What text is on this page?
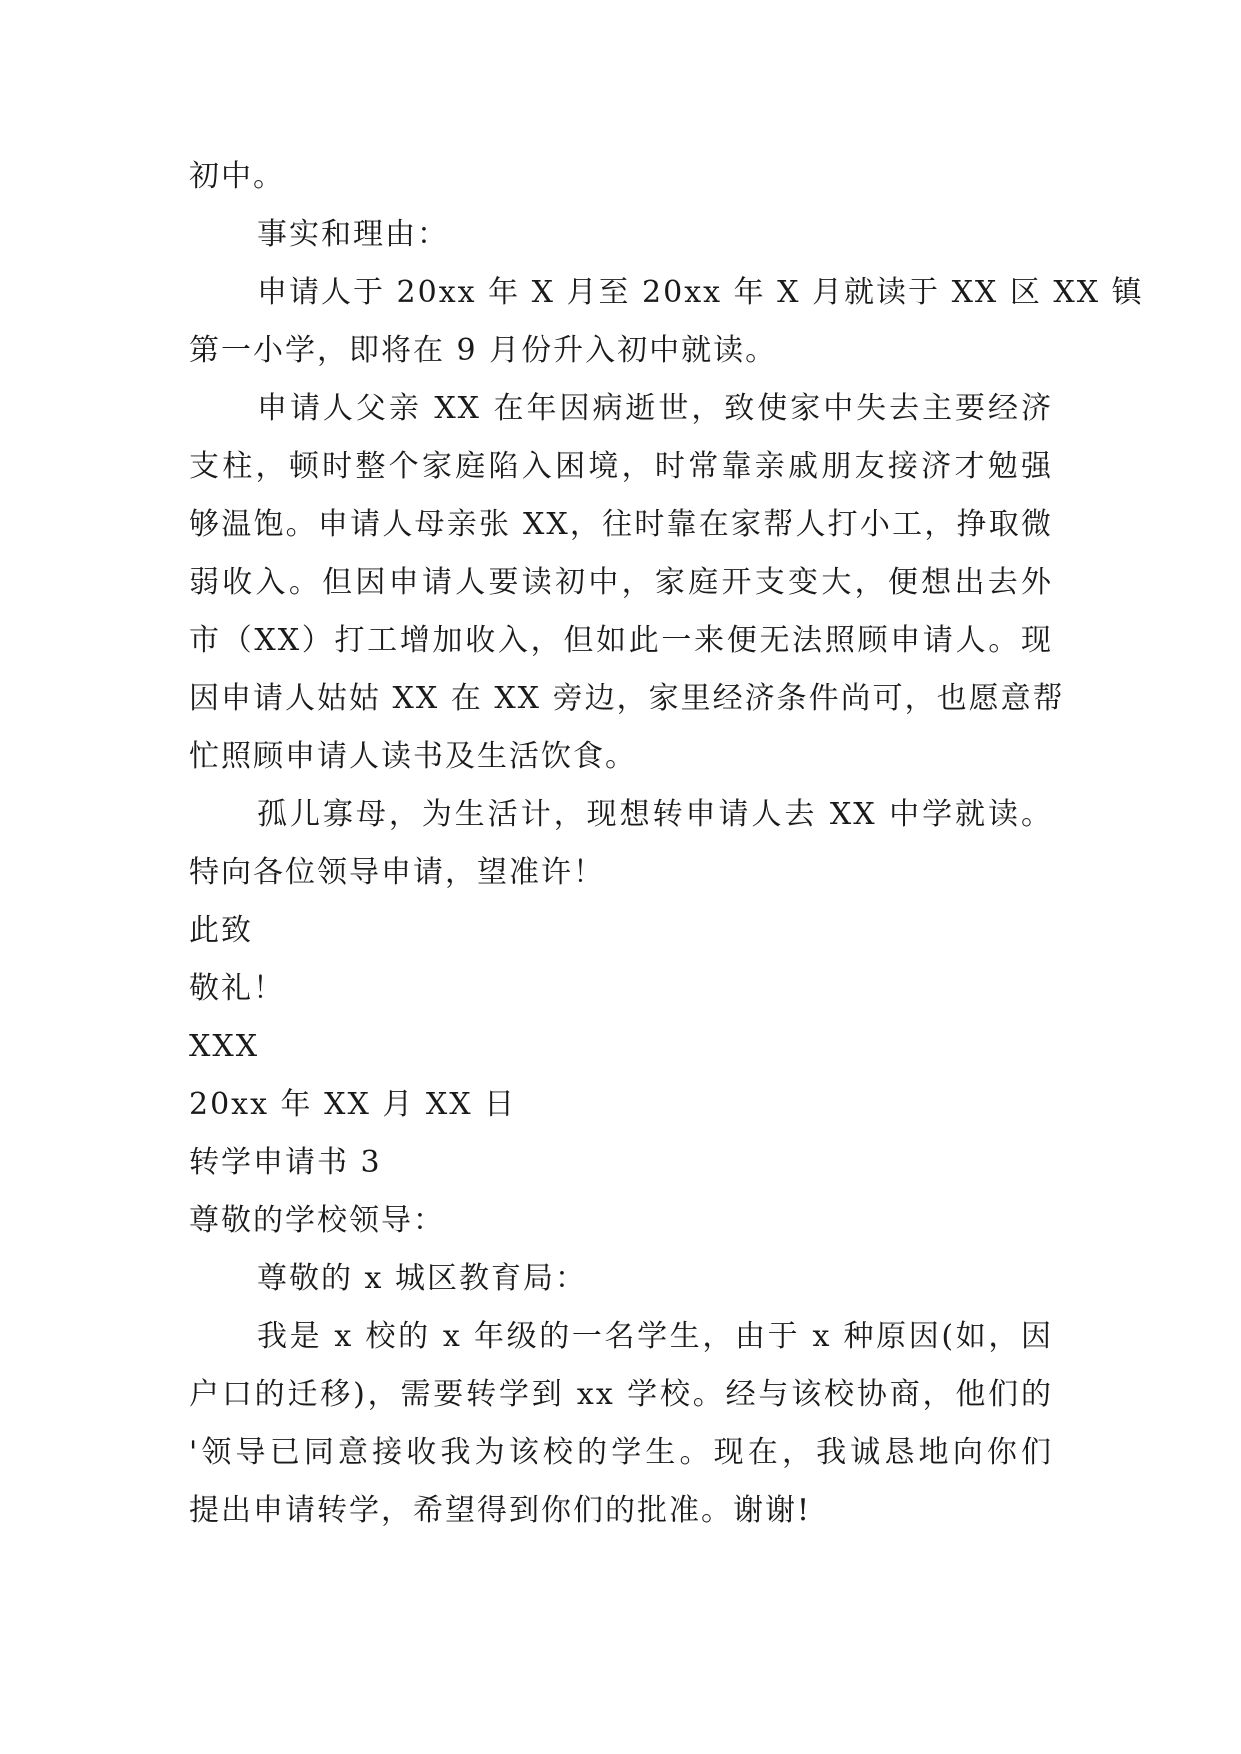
初中。
事实和理由：
申请人于 20xx 年 X 月至 20xx 年 X 月就读于 XX 区 XX 镇
第一小学，即将在 9 月份升入初中就读。
申请人父亲 XX 在年因病逝世，致使家中失去主要经济
支柱，顿时整个家庭陷入困境，时常靠亲戚朋友接济才勉强
够温饱。申请人母亲张 XX，往时靠在家帮人打小工，挣取微
弱收入。但因申请人要读初中，家庭开支变大，便想出去外
市（XX）打工增加收入，但如此一来便无法照顾申请人。现
因申请人姑姑 XX 在 XX 旁边，家里经济条件尚可，也愿意帮
忙照顾申请人读书及生活饮食。
孤儿寡母，为生活计，现想转申请人去 XX 中学就读。
特向各位领导申请，望准许！
此致
敬礼！
XXX
20xx 年 XX 月 XX 日
转学申请书 3
尊敬的学校领导：
尊敬的 x 城区教育局：
我是 x 校的 x 年级的一名学生，由于 x 种原因(如，因
户口的迁移)，需要转学到 xx 学校。经与该校协商，他们的
'领导已同意接收我为该校的学生。现在，我诚恳地向你们
提出申请转学，希望得到你们的批准。谢谢!
